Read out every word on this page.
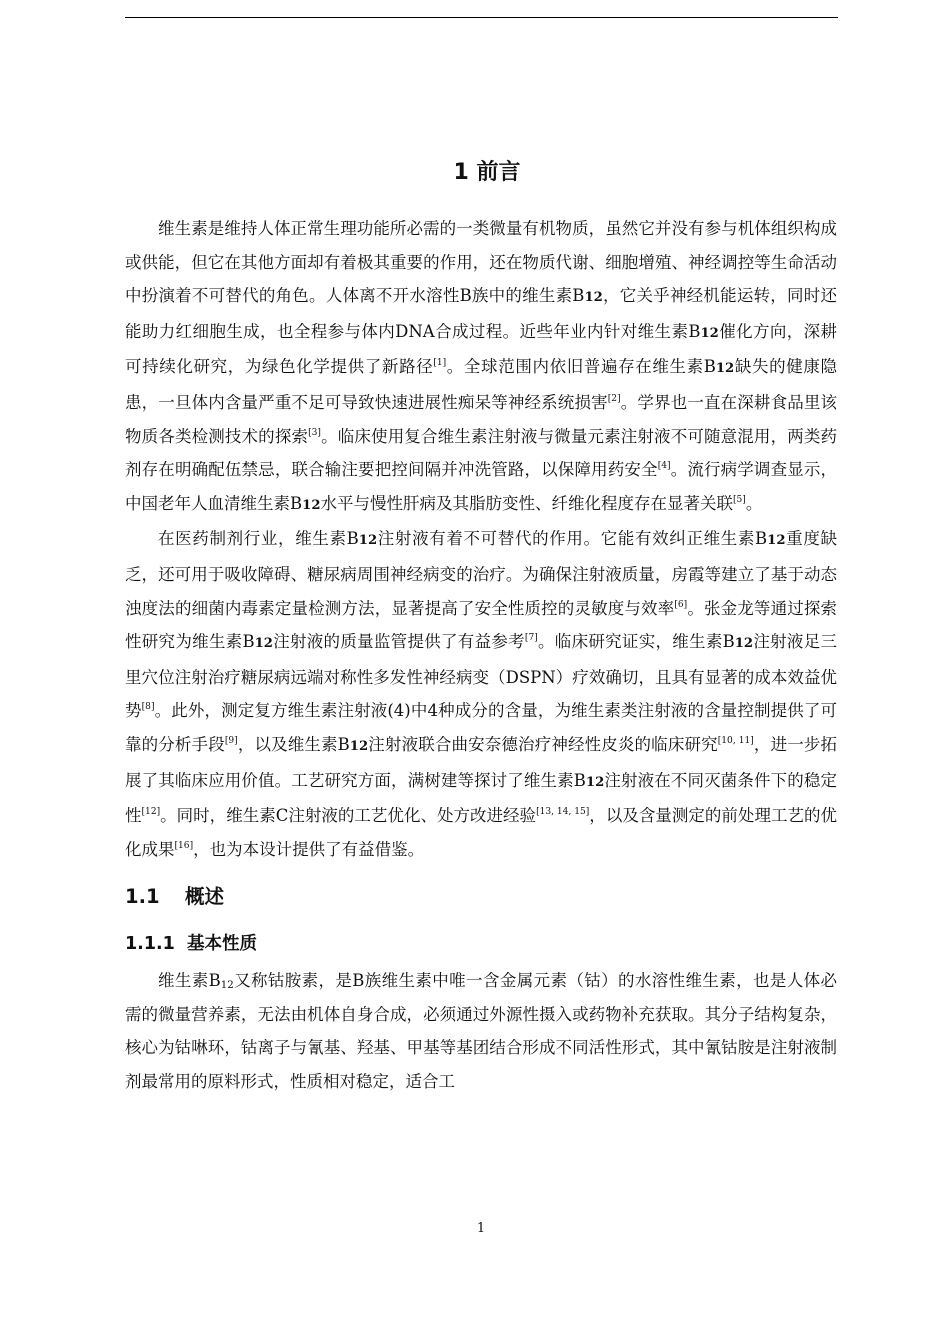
1 前言

维生素是维持人体正常生理功能所必需的一类微量有机物质，虽然它并没有参与机体组织构成或供能，但它在其他方面却有着极其重要的作用，还在物质代谢、细胞增殖、神经调控等生命活动中扮演着不可替代的角色。人体离不开水溶性B族中的维生素B12，它关乎神经机能运转，同时还能助力红细胞生成，也全程参与体内DNA合成过程。近些年业内针对维生素B12催化方向，深耕可持续化研究，为绿色化学提供了新路径[1]。全球范围内依旧普遍存在维生素B12缺失的健康隐患，一旦体内含量严重不足可导致快速进展性痴呆等神经系统损害[2]。学界也一直在深耕食品里该物质各类检测技术的探索[3]。临床使用复合维生素注射液与微量元素注射液不可随意混用，两类药剂存在明确配伍禁忌，联合输注要把控间隔并冲洗管路，以保障用药安全[4]。流行病学调查显示，中国老年人血清维生素B12水平与慢性肝病及其脂肪变性、纤维化程度存在显著关联[5]。

在医药制剂行业，维生素B12注射液有着不可替代的作用。它能有效纠正维生素B12重度缺乏，还可用于吸收障碍、糖尿病周围神经病变的治疗。为确保注射液质量，房霞等建立了基于动态浊度法的细菌内毒素定量检测方法，显著提高了安全性质控的灵敏度与效率[6]。张金龙等通过探索性研究为维生素B12注射液的质量监管提供了有益参考[7]。临床研究证实，维生素B12注射液足三里穴位注射治疗糖尿病远端对称性多发性神经病变（DSPN）疗效确切，且具有显著的成本效益优势[8]。此外，测定复方维生素注射液(4)中4种成分的含量，为维生素类注射液的含量控制提供了可靠的分析手段[9]，以及维生素B12注射液联合曲安奈德治疗神经性皮炎的临床研究[10, 11]，进一步拓展了其临床应用价值。工艺研究方面，满树建等探讨了维生素B12注射液在不同灭菌条件下的稳定性[12]。同时，维生素C注射液的工艺优化、处方改进经验[13, 14, 15]，以及含量测定的前处理工艺的优化成果[16]，也为本设计提供了有益借鉴。

1.1 概述
1.1.1 基本性质

维生素$B_{12}$又称钴胺素，是B族维生素中唯一含金属元素（钴）的水溶性维生素，也是人体必需的微量营养素，无法由机体自身合成，必须通过外源性摄入或药物补充获取。其分子结构复杂，核心为钴啉环，钴离子与氰基、羟基、甲基等基团结合形成不同活性形式，其中氰钴胺是注射液制剂最常用的原料形式，性质相对稳定，适合工

1
